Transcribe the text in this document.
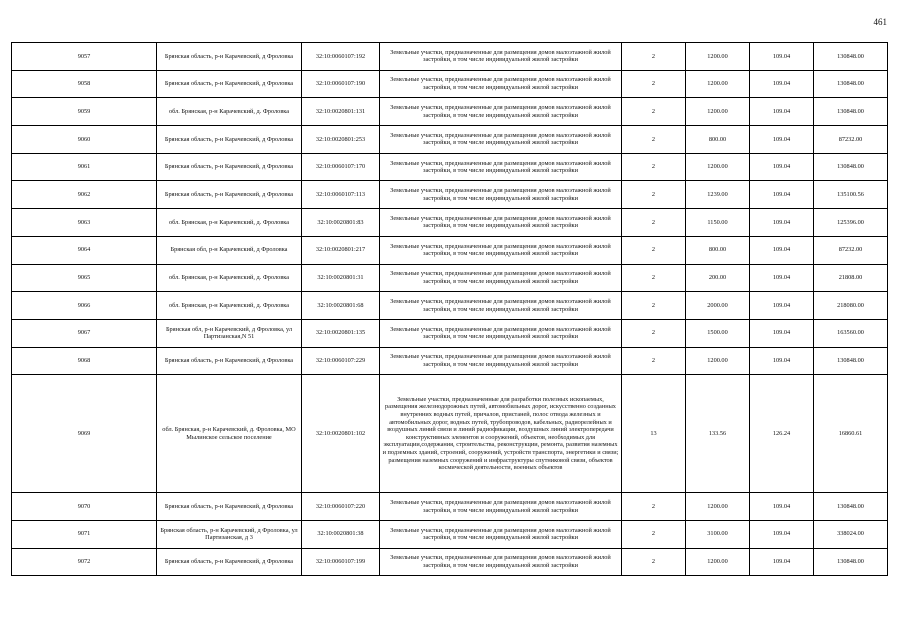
461
9057	Брянская область, р-н Карачевский, д Фроловка	32:10:0060107:192	Земельные участки, предназначенные для размещения домов малоэтажной жилой застройки, в том числе индивидуальной жилой застройки	2	1200.00	109.04	130848.00
9058	Брянская область, р-н Карачевский, д Фроловка	32:10:0060107:190	Земельные участки, предназначенные для размещения домов малоэтажной жилой застройки, в том числе индивидуальной жилой застройки	2	1200.00	109.04	130848.00
9059	обл. Брянская, р-н Карачевский, д. Фроловка	32:10:0020801:131	Земельные участки, предназначенные для размещения домов малоэтажной жилой застройки, в том числе индивидуальной жилой застройки	2	1200.00	109.04	130848.00
9060	Брянская область, р-н Карачевский, д Фроловка	32:10:0020801:253	Земельные участки, предназначенные для размещения домов малоэтажной жилой застройки, в том числе индивидуальной жилой застройки	2	800.00	109.04	87232.00
9061	Брянская область, р-н Карачевский, д Фроловка	32:10:0060107:170	Земельные участки, предназначенные для размещения домов малоэтажной жилой застройки, в том числе индивидуальной жилой застройки	2	1200.00	109.04	130848.00
9062	Брянская область, р-н Карачевский, д Фроловка	32:10:0060107:113	Земельные участки, предназначенные для размещения домов малоэтажной жилой застройки, в том числе индивидуальной жилой застройки	2	1239.00	109.04	135100.56
9063	обл. Брянская, р-н Карачевский, д. Фроловка	32:10:0020801:83	Земельные участки, предназначенные для размещения домов малоэтажной жилой застройки, в том числе индивидуальной жилой застройки	2	1150.00	109.04	125396.00
9064	Брянская обл, р-н Карачевский, д Фроловка	32:10:0020801:217	Земельные участки, предназначенные для размещения домов малоэтажной жилой застройки, в том числе индивидуальной жилой застройки	2	800.00	109.04	87232.00
9065	обл. Брянская, р-н Карачевский, д. Фроловка	32:10:0020801:31	Земельные участки, предназначенные для размещения домов малоэтажной жилой застройки, в том числе индивидуальной жилой застройки	2	200.00	109.04	21808.00
9066	обл. Брянская, р-н Карачевский, д. Фроловка	32:10:0020801:68	Земельные участки, предназначенные для размещения домов малоэтажной жилой застройки, в том числе индивидуальной жилой застройки	2	2000.00	109.04	218080.00
9067	Брянская обл, р-н Карачевский, д Фроловка, ул Партизанская,N 51	32:10:0020801:135	Земельные участки, предназначенные для размещения домов малоэтажной жилой застройки, в том числе индивидуальной жилой застройки	2	1500.00	109.04	163560.00
9068	Брянская область, р-н Карачевский, д Фроловка	32:10:0060107:229	Земельные участки, предназначенные для размещения домов малоэтажной жилой застройки, в том числе индивидуальной жилой застройки	2	1200.00	109.04	130848.00
9069	обл. Брянская, р-н Карачевский, д. Фроловка, МО Мылинское сельское поселение	32:10:0020801:102	Земельные участки, предназначенные для разработки полезных ископаемых, размещения железнодорожных путей, автомобильных дорог, искусственно созданных внутренних водных путей, причалов, пристаней, полос отвода железных и автомобильных дорог, водных путей, трубопроводов, кабельных, радиорелейных и воздушных линий связи и линий радиофикации, воздушных линий электропередачи конструктивных элементов и сооружений, объектов, необходимых для эксплуатации,содержания, строительства, реконструкции, ремонта, развития наземных и подземных зданий, строений, сооружений, устройств транспорта, энергетики и связи; размещения наземных сооружений и инфраструктуры спутниковой связи, объектов космической деятельности, военных объектов	13	133.56	126.24	16860.61
9070	Брянская область, р-н Карачевский, д Фроловка	32:10:0060107:220	Земельные участки, предназначенные для размещения домов малоэтажной жилой застройки, в том числе индивидуальной жилой застройки	2	1200.00	109.04	130848.00
9071	Брянская область, р-н Карачевский, д Фроловка, ул Партизанская, д 3	32:10:0020801:38	Земельные участки, предназначенные для размещения домов малоэтажной жилой застройки, в том числе индивидуальной жилой застройки	2	3100.00	109.04	338024.00
9072	Брянская область, р-н Карачевский, д Фроловка	32:10:0060107:199	Земельные участки, предназначенные для размещения домов малоэтажной жилой застройки, в том числе индивидуальной жилой застройки	2	1200.00	109.04	130848.00
